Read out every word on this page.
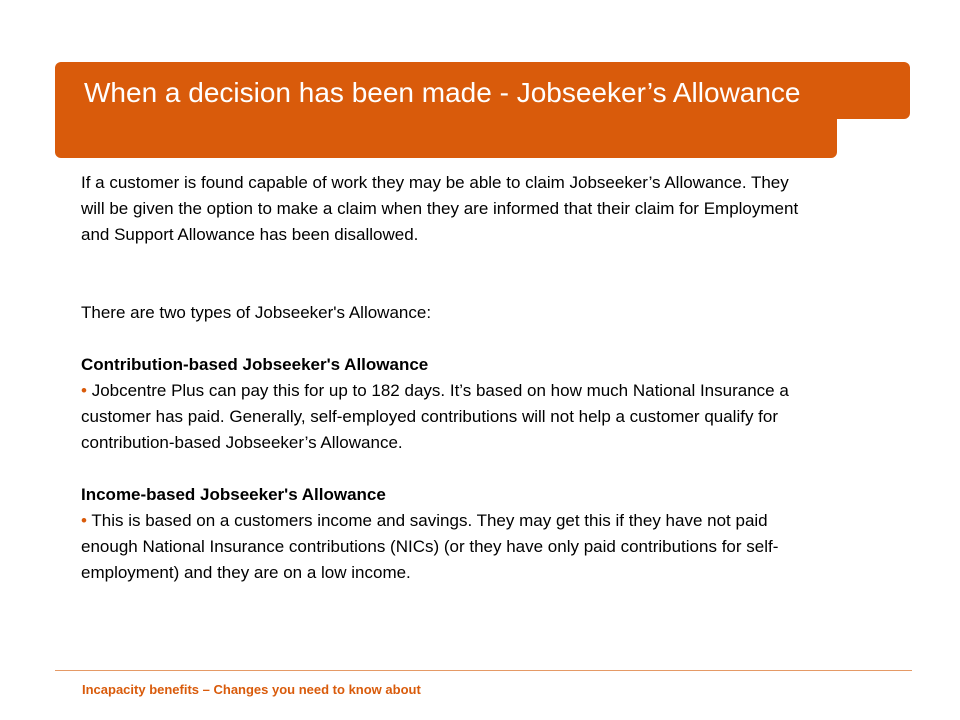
When a decision has been made - Jobseeker’s Allowance

If a customer is found capable of work they may be able to claim Jobseeker’s Allowance. They will be given the option to make a claim when they are informed that their claim for Employment and Support Allowance has been disallowed.

There are two types of Jobseeker's Allowance:

Contribution-based Jobseeker's Allowance

• Jobcentre Plus can pay this for up to 182 days. It’s based on how much National Insurance a customer has paid. Generally, self-employed contributions will not help a customer qualify for contribution-based Jobseeker’s Allowance.

Income-based Jobseeker's Allowance

• This is based on a customers income and savings. They may get this if they have not paid enough National Insurance contributions (NICs) (or they have only paid contributions for self-employment) and they are on a low income.

Incapacity benefits – Changes you need to know about
